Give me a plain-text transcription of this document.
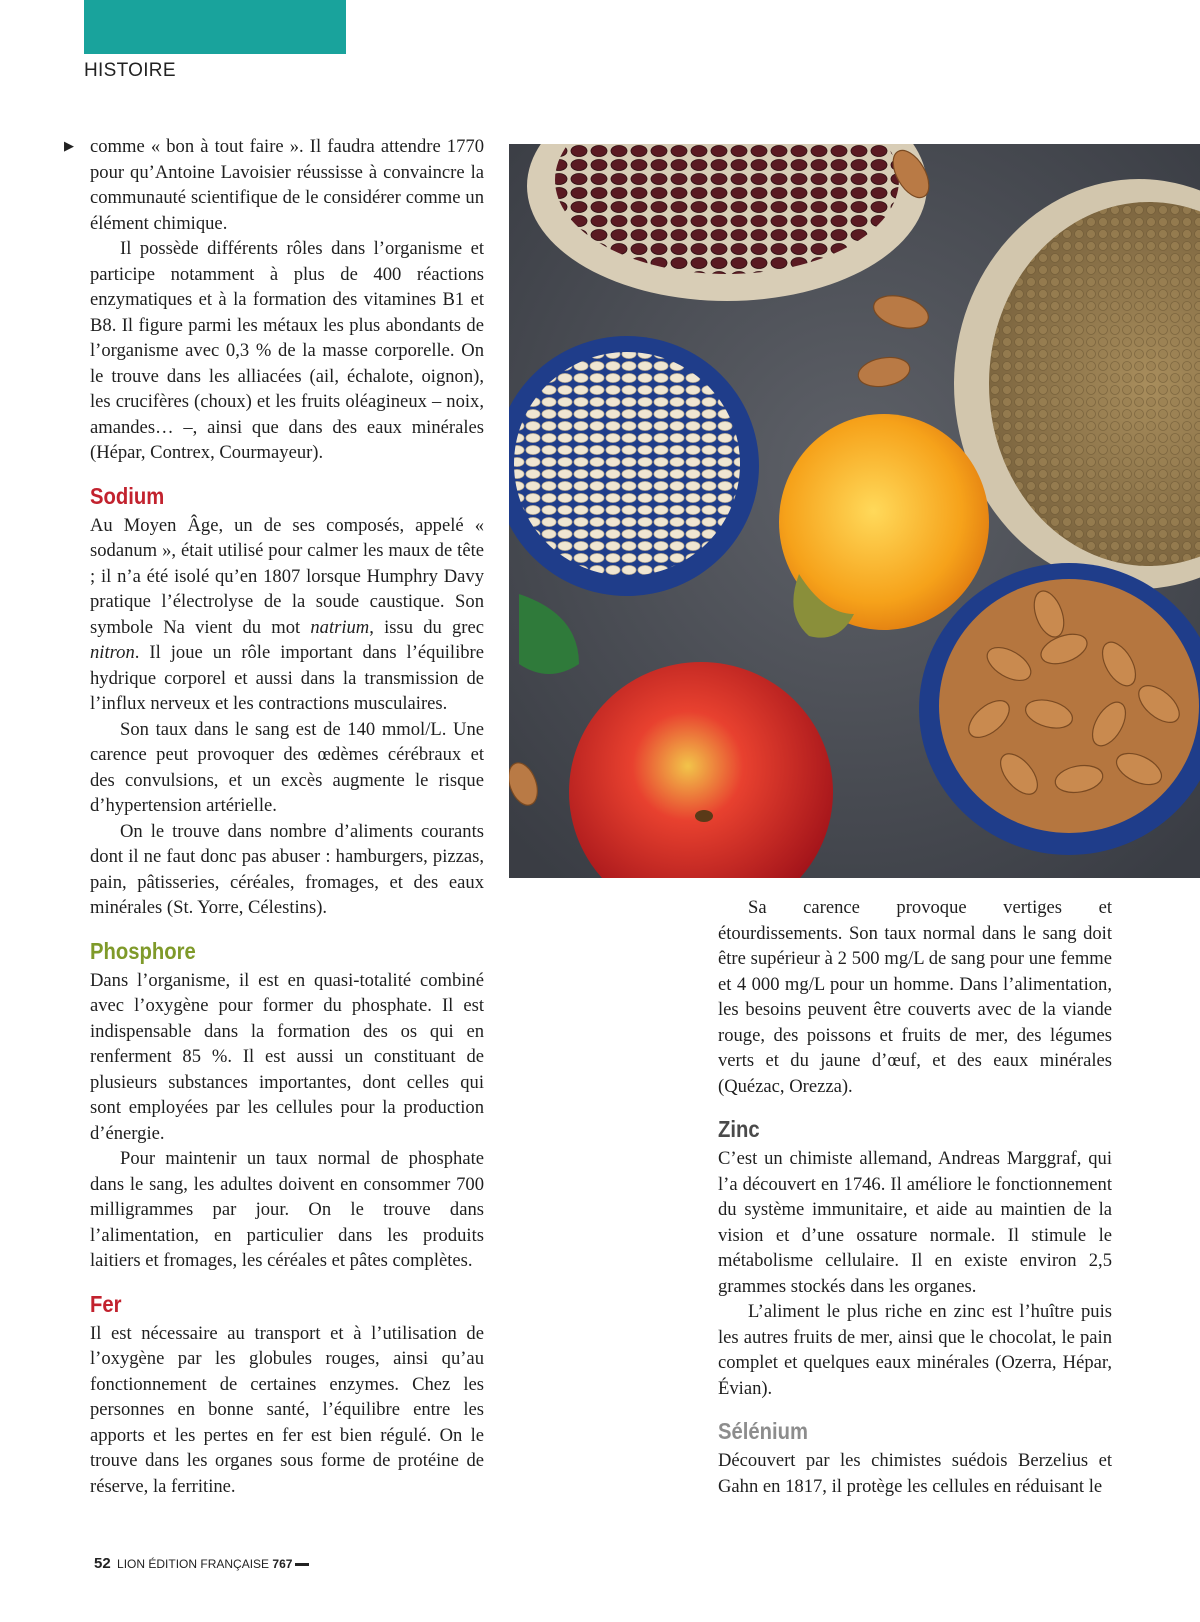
HISTOIRE
▶ comme « bon à tout faire ». Il faudra attendre 1770 pour qu’Antoine Lavoisier réussisse à convaincre la communauté scientifique de le considérer comme un élément chimique.

Il possède différents rôles dans l’organisme et participe notamment à plus de 400 réactions enzymatiques et à la formation des vitamines B1 et B8. Il figure parmi les métaux les plus abondants de l’organisme avec 0,3 % de la masse corporelle. On le trouve dans les alliacées (ail, échalote, oignon), les crucifères (choux) et les fruits oléagineux – noix, amandes… –, ainsi que dans des eaux minérales (Hépar, Contrex, Courmayeur).

Sodium

Au Moyen Âge, un de ses composés, appelé « sodanum », était utilisé pour calmer les maux de tête ; il n’a été isolé qu’en 1807 lorsque Humphry Davy pratique l’électrolyse de la soude caustique. Son symbole Na vient du mot natrium, issu du grec nitron. Il joue un rôle important dans l’équilibre hydrique corporel et aussi dans la transmission de l’influx nerveux et les contractions musculaires.

Son taux dans le sang est de 140 mmol/L. Une carence peut provoquer des œdèmes cérébraux et des convulsions, et un excès augmente le risque d’hypertension artérielle.

On le trouve dans nombre d’aliments courants dont il ne faut donc pas abuser : hamburgers, pizzas, pain, pâtisseries, céréales, fromages, et des eaux minérales (St. Yorre, Célestins).

Phosphore

Dans l’organisme, il est en quasi-totalité combiné avec l’oxygène pour former du phosphate. Il est indispensable dans la formation des os qui en renferment 85 %. Il est aussi un constituant de plusieurs substances importantes, dont celles qui sont employées par les cellules pour la production d’énergie.

Pour maintenir un taux normal de phosphate dans le sang, les adultes doivent en consommer 700 milligrammes par jour. On le trouve dans l’alimentation, en particulier dans les produits laitiers et fromages, les céréales et pâtes complètes.

Fer

Il est nécessaire au transport et à l’utilisation de l’oxygène par les globules rouges, ainsi qu’au fonctionnement de certaines enzymes. Chez les personnes en bonne santé, l’équilibre entre les apports et les pertes en fer est bien régulé. On le trouve dans les organes sous forme de protéine de réserve, la ferritine.

Sa carence provoque vertiges et étourdissements. Son taux normal dans le sang doit être supérieur à 2 500 mg/L de sang pour une femme et 4 000 mg/L pour un homme. Dans l’alimentation, les besoins peuvent être couverts avec de la viande rouge, des poissons et fruits de mer, des légumes verts et du jaune d’œuf, et des eaux minérales (Quézac, Orezza).

Zinc

C’est un chimiste allemand, Andreas Marggraf, qui l’a découvert en 1746. Il améliore le fonctionnement du système immunitaire, et aide au maintien de la vision et d’une ossature normale. Il stimule le métabolisme cellulaire. Il en existe environ 2,5 grammes stockés dans les organes.

L’aliment le plus riche en zinc est l’huître puis les autres fruits de mer, ainsi que le chocolat, le pain complet et quelques eaux minérales (Ozerra, Hépar, Évian).

Sélénium

Découvert par les chimistes suédois Berzelius et Gahn en 1817, il protège les cellules en réduisant le

52 LION ÉDITION FRANÇAISE 767
